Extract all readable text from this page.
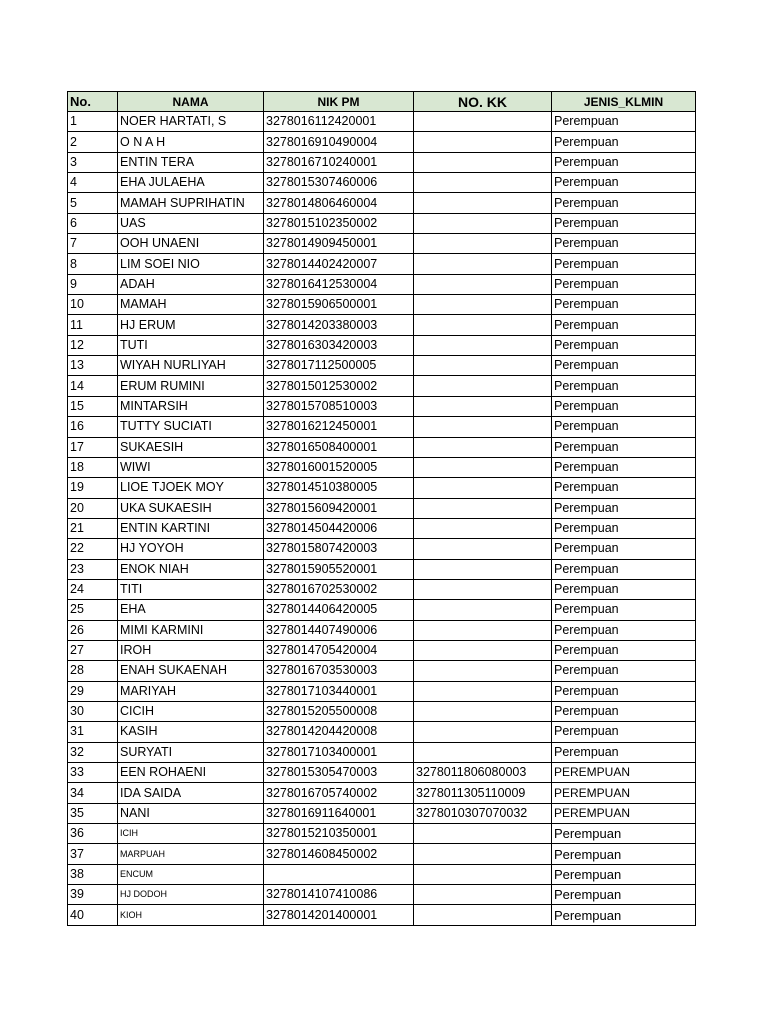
No.	NAMA	NIK PM	NO. KK	JENIS_KLMIN
1	NOER HARTATI, S	3278016112420001		Perempuan
2	O N A H	3278016910490004		Perempuan
3	ENTIN TERA	3278016710240001		Perempuan
4	EHA JULAEHA	3278015307460006		Perempuan
5	MAMAH SUPRIHATIN	3278014806460004		Perempuan
6	UAS	3278015102350002		Perempuan
7	OOH UNAENI	3278014909450001		Perempuan
8	LIM SOEI NIO	3278014402420007		Perempuan
9	ADAH	3278016412530004		Perempuan
10	MAMAH	3278015906500001		Perempuan
11	HJ ERUM	3278014203380003		Perempuan
12	TUTI	3278016303420003		Perempuan
13	WIYAH NURLIYAH	3278017112500005		Perempuan
14	ERUM RUMINI	3278015012530002		Perempuan
15	MINTARSIH	3278015708510003		Perempuan
16	TUTTY SUCIATI	3278016212450001		Perempuan
17	SUKAESIH	3278016508400001		Perempuan
18	WIWI	3278016001520005		Perempuan
19	LIOE TJOEK MOY	3278014510380005		Perempuan
20	UKA SUKAESIH	3278015609420001		Perempuan
21	ENTIN KARTINI	3278014504420006		Perempuan
22	HJ YOYOH	3278015807420003		Perempuan
23	ENOK NIAH	3278015905520001		Perempuan
24	TITI	3278016702530002		Perempuan
25	EHA	3278014406420005		Perempuan
26	MIMI KARMINI	3278014407490006		Perempuan
27	IROH	3278014705420004		Perempuan
28	ENAH SUKAENAH	3278016703530003		Perempuan
29	MARIYAH	3278017103440001		Perempuan
30	CICIH	3278015205500008		Perempuan
31	KASIH	3278014204420008		Perempuan
32	SURYATI	3278017103400001		Perempuan
33	EEN ROHAENI	3278015305470003	3278011806080003	PEREMPUAN
34	IDA SAIDA	3278016705740002	3278011305110009	PEREMPUAN
35	NANI	3278016911640001	3278010307070032	PEREMPUAN
36	ICIH	3278015210350001		Perempuan
37	MARPUAH	3278014608450002		Perempuan
38	ENCUM			Perempuan
39	HJ DODOH	3278014107410086		Perempuan
40	KIOH	3278014201400001		Perempuan
